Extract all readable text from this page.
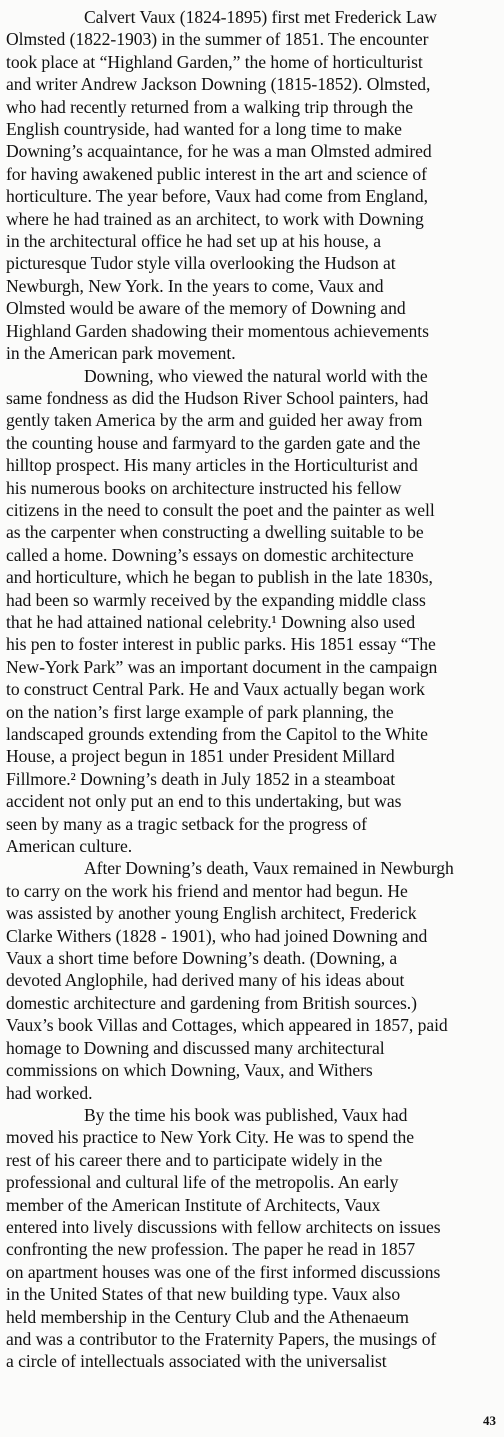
Calvert Vaux (1824-1895) first met Frederick Law
Olmsted (1822-1903) in the summer of 1851. The encounter
took place at “Highland Garden,” the home of horticulturist
and writer Andrew Jackson Downing (1815-1852). Olmsted,
who had recently returned from a walking trip through the
English countryside, had wanted for a long time to make
Downing’s acquaintance, for he was a man Olmsted admired
for having awakened public interest in the art and science of
horticulture. The year before, Vaux had come from England,
where he had trained as an architect, to work with Downing
in the architectural office he had set up at his house, a
picturesque Tudor style villa overlooking the Hudson at
Newburgh, New York. In the years to come, Vaux and
Olmsted would be aware of the memory of Downing and
Highland Garden shadowing their momentous achievements
in the American park movement.

Downing, who viewed the natural world with the
same fondness as did the Hudson River School painters, had
gently taken America by the arm and guided her away from
the counting house and farmyard to the garden gate and the
hilltop prospect. His many articles in the Horticulturist and
his numerous books on architecture instructed his fellow
citizens in the need to consult the poet and the painter as well
as the carpenter when constructing a dwelling suitable to be
called a home. Downing’s essays on domestic architecture
and horticulture, which he began to publish in the late 1830s,
had been so warmly received by the expanding middle class
that he had attained national celebrity.¹ Downing also used
his pen to foster interest in public parks. His 1851 essay “The
New-York Park” was an important document in the campaign
to construct Central Park. He and Vaux actually began work
on the nation’s first large example of park planning, the
landscaped grounds extending from the Capitol to the White
House, a project begun in 1851 under President Millard
Fillmore.² Downing’s death in July 1852 in a steamboat
accident not only put an end to this undertaking, but was
seen by many as a tragic setback for the progress of
American culture.

After Downing’s death, Vaux remained in Newburgh
to carry on the work his friend and mentor had begun. He
was assisted by another young English architect, Frederick
Clarke Withers (1828 - 1901), who had joined Downing and
Vaux a short time before Downing’s death. (Downing, a
devoted Anglophile, had derived many of his ideas about
domestic architecture and gardening from British sources.)
Vaux’s book Villas and Cottages, which appeared in 1857, paid
homage to Downing and discussed many architectural
commissions on which Downing, Vaux, and Withers
had worked.

By the time his book was published, Vaux had
moved his practice to New York City. He was to spend the
rest of his career there and to participate widely in the
professional and cultural life of the metropolis. An early
member of the American Institute of Architects, Vaux
entered into lively discussions with fellow architects on issues
confronting the new profession. The paper he read in 1857
on apartment houses was one of the first informed discussions
in the United States of that new building type. Vaux also
held membership in the Century Club and the Athenaeum
and was a contributor to the Fraternity Papers, the musings of
a circle of intellectuals associated with the universalist

43
